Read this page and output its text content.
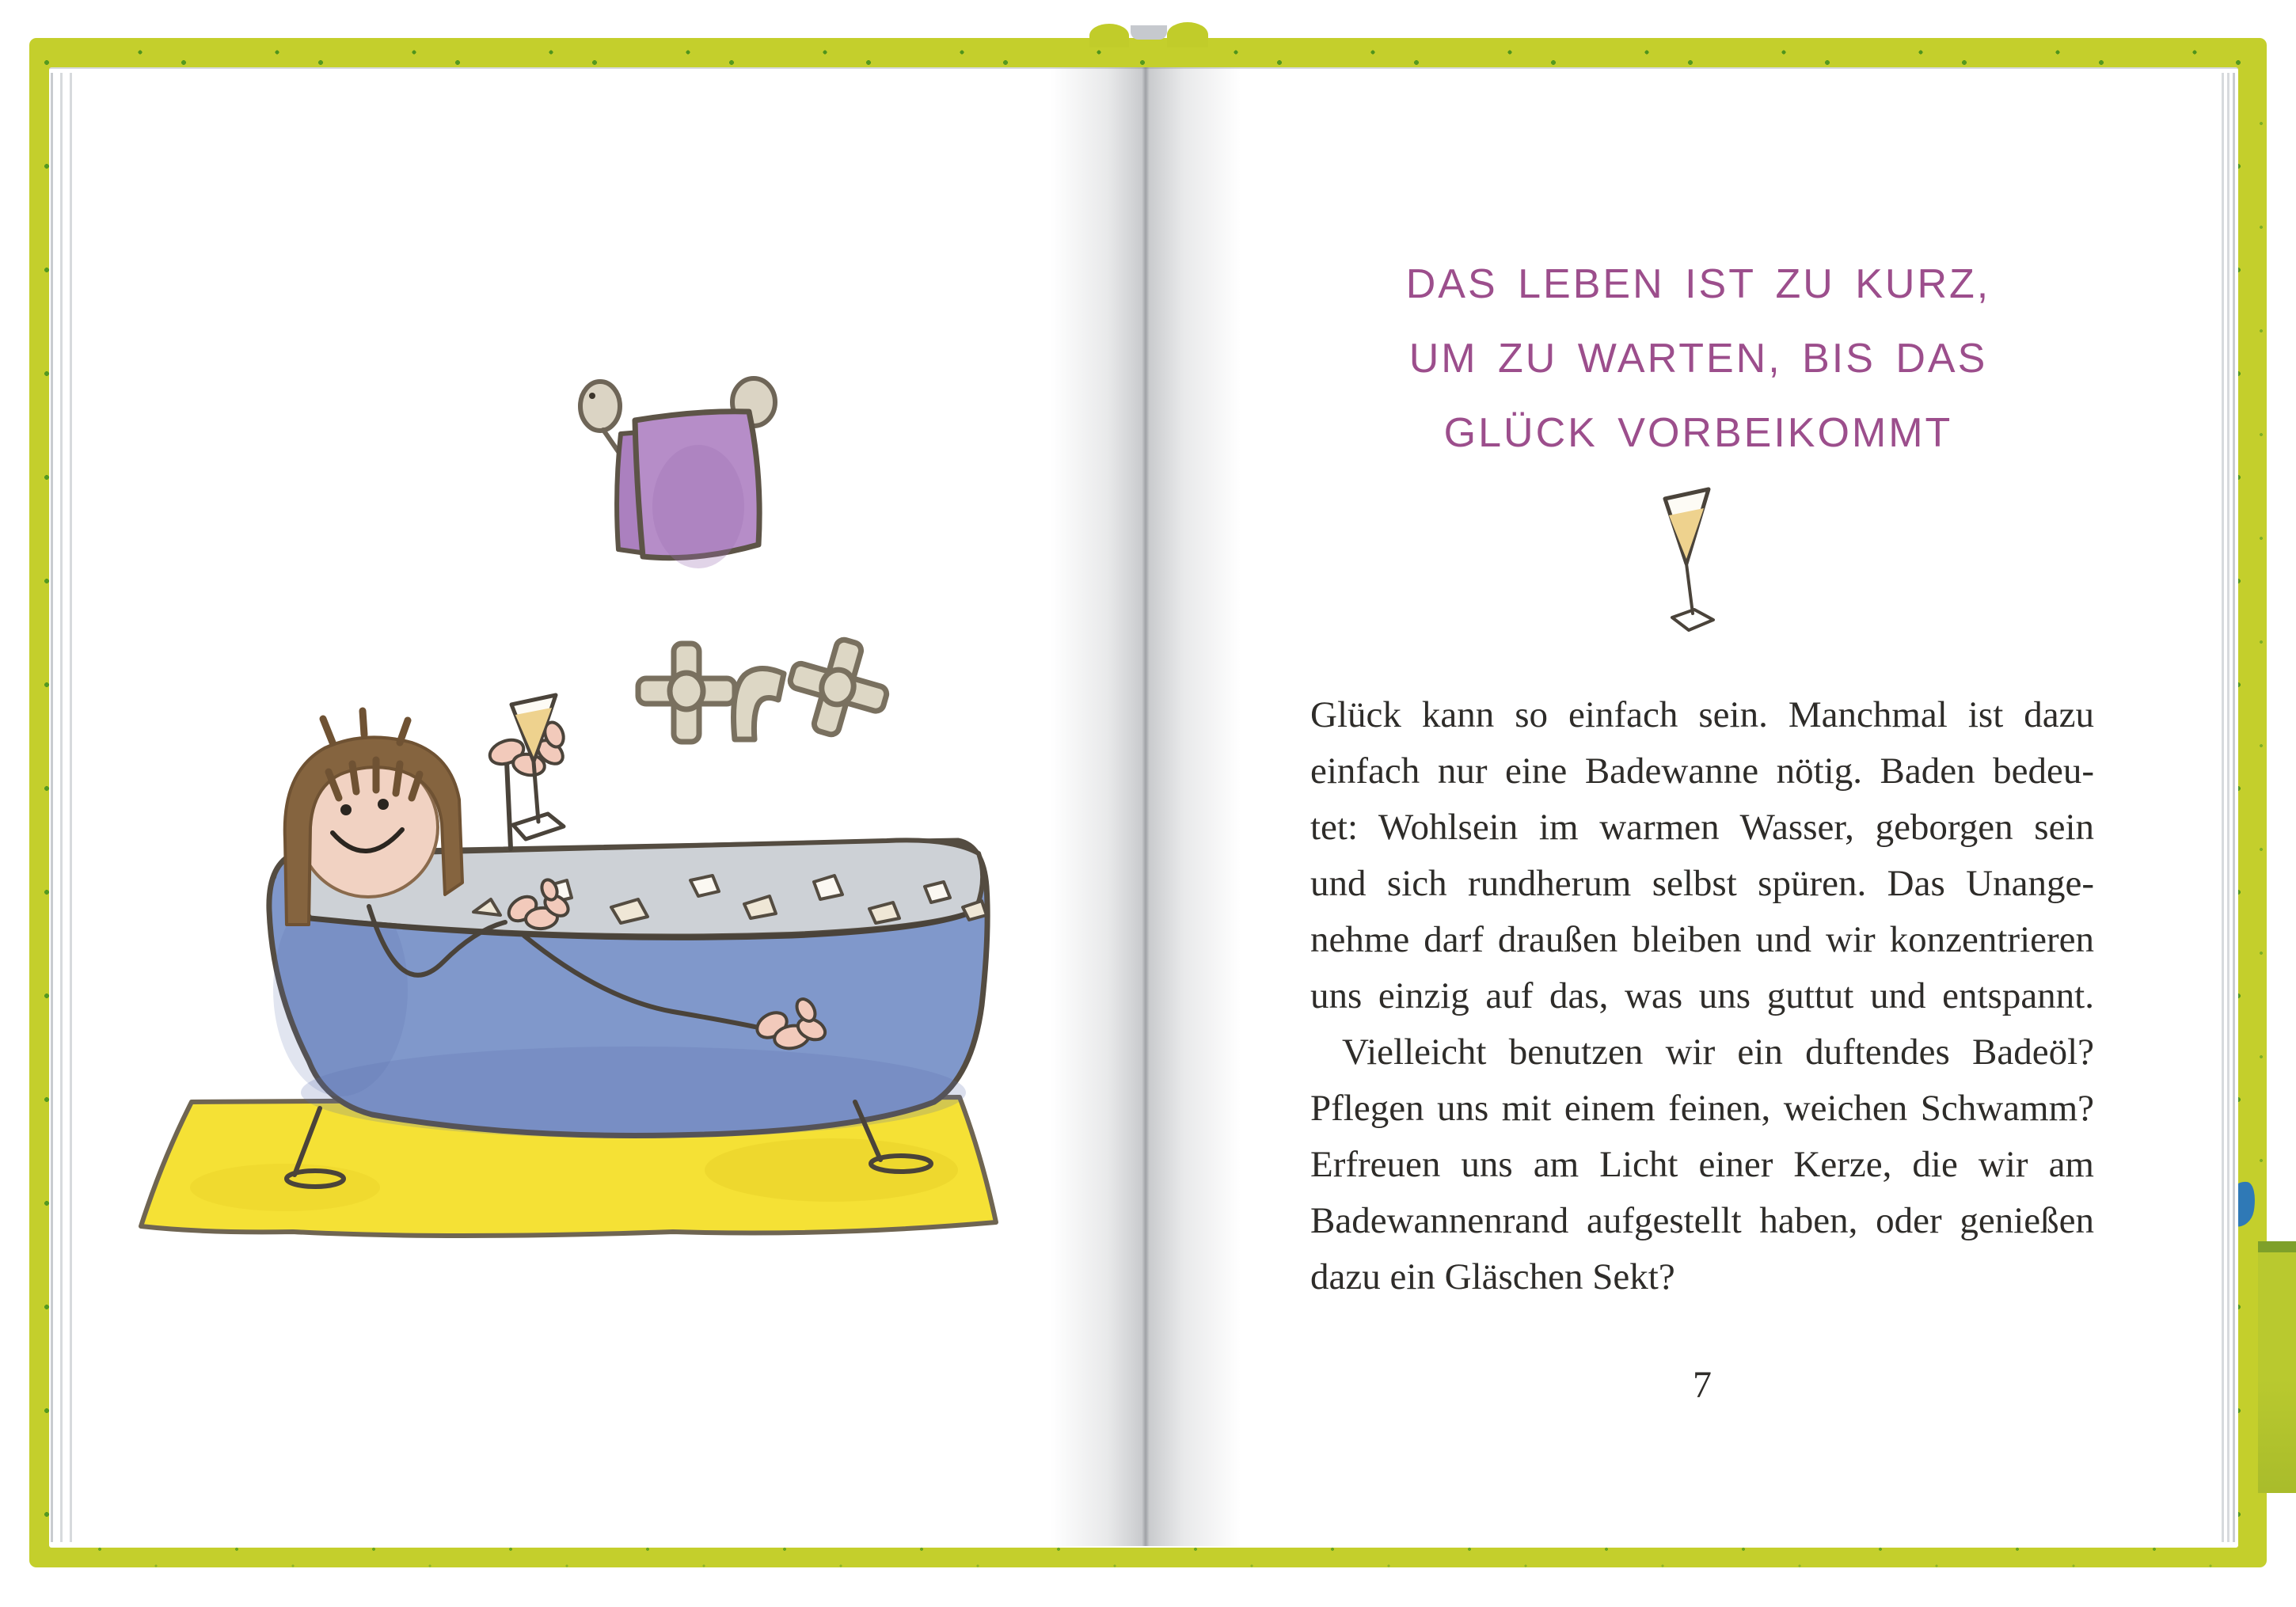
DAS LEBEN IST ZU KURZ,
UM ZU WARTEN, BIS DAS
GLÜCK VORBEIKOMMT
Glück kann so einfach sein. Manchmal ist dazu
einfach nur eine Badewanne nötig. Baden bedeu-
tet: Wohlsein im warmen Wasser, geborgen sein
und sich rundherum selbst spüren. Das Unange-
nehme darf draußen bleiben und wir konzentrieren
uns einzig auf das, was uns guttut und entspannt.
Vielleicht benutzen wir ein duftendes Badeöl?
Pflegen uns mit einem feinen, weichen Schwamm?
Erfreuen uns am Licht einer Kerze, die wir am
Badewannenrand aufgestellt haben, oder genießen
dazu ein Gläschen Sekt?
7
